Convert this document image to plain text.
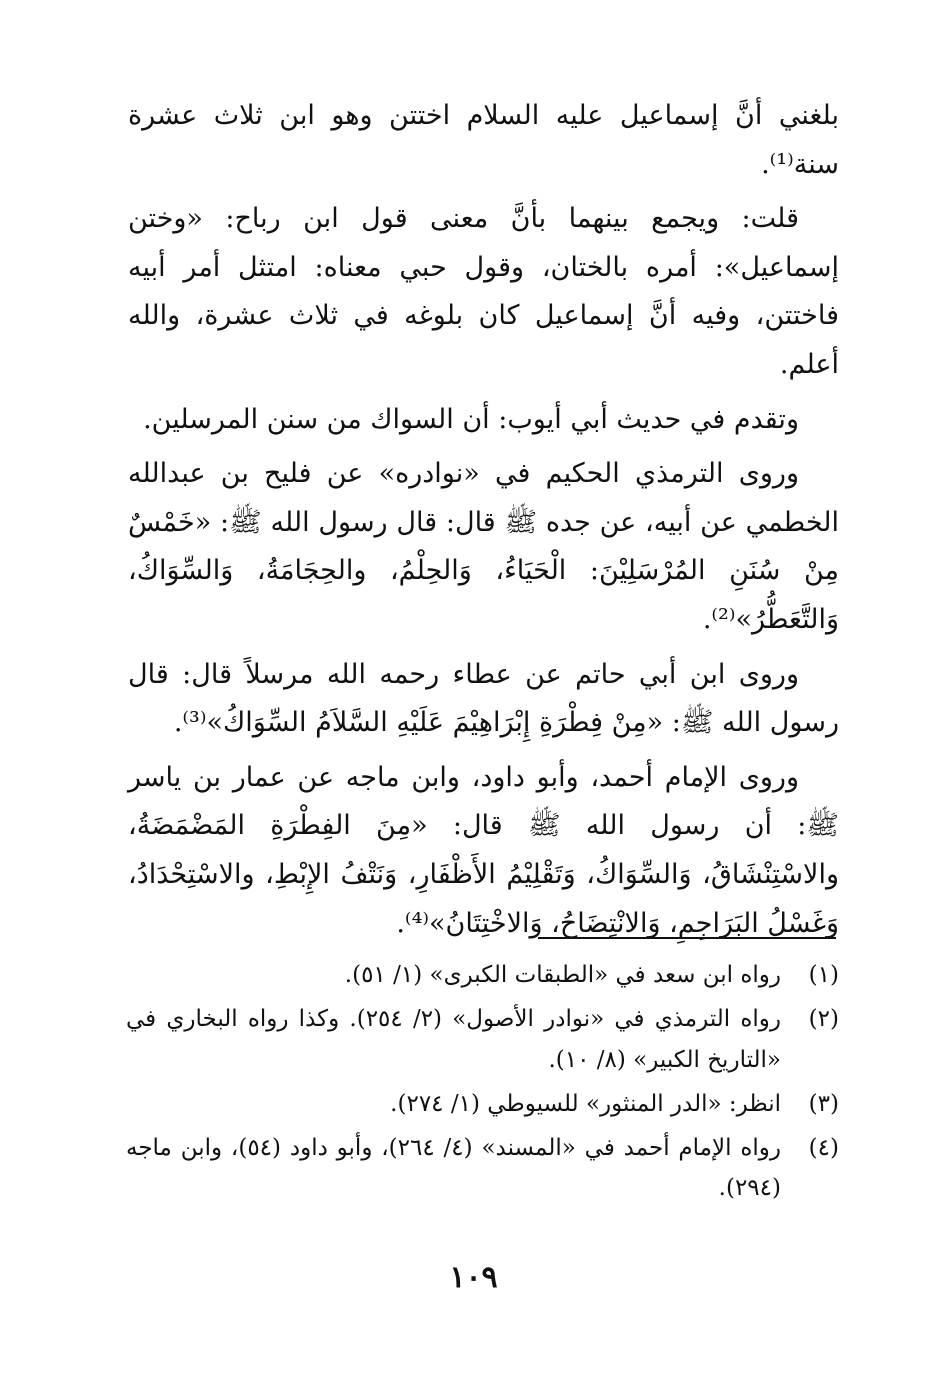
بلغني أنَّ إسماعيل عليه السلام اختتن وهو ابن ثلاث عشرة سنة⁽¹⁾.

قلت: ويجمع بينهما بأنَّ معنى قول ابن رباح: «وختن إسماعيل»: أمره بالختان، وقول حبي معناه: امتثل أمر أبيه فاختتن، وفيه أنَّ إسماعيل كان بلوغه في ثلاث عشرة، والله أعلم.

وتقدم في حديث أبي أيوب: أن السواك من سنن المرسلين.

وروى الترمذي الحكيم في «نوادره» عن فليح بن عبدالله الخطمي عن أبيه، عن جده ﷺ قال: قال رسول الله ﷺ: «خَمْسٌ مِنْ سُنَنِ المُرْسَلِيْنَ: الْحَيَاءُ، وَالحِلْمُ، والحِجَامَةُ، وَالسِّوَاكُ، وَالتَّعَطُّرُ»⁽²⁾.

وروى ابن أبي حاتم عن عطاء رحمه الله مرسلاً قال: قال رسول الله ﷺ: «مِنْ فِطْرَةِ إِبْرَاهِيْمَ عَلَيْهِ السَّلاَمُ السِّوَاكُ»⁽³⁾.

وروى الإمام أحمد، وأبو داود، وابن ماجه عن عمار بن ياسر ﷺ: أن رسول الله ﷺ قال: «مِنَ الفِطْرَةِ المَضْمَضَةُ، والاسْتِنْشَاقُ، وَالسِّوَاكُ، وَتَقْلِيْمُ الأَظْفَارِ، وَنَتْفُ الإِبْطِ، والاسْتِحْدَادُ، وَغَسْلُ البَرَاجِمِ، وَالانْتِضَاحُ، وَالاخْتِتَانُ»⁽⁴⁾.

(١)
رواه ابن سعد في «الطبقات الكبرى» (١/ ٥١).
(٢)
رواه الترمذي في «نوادر الأصول» (٢/ ٢٥٤). وكذا رواه البخاري في «التاريخ الكبير» (٨/ ١٠).
(٣)
انظر: «الدر المنثور» للسيوطي (١/ ٢٧٤).
(٤)
رواه الإمام أحمد في «المسند» (٤/ ٢٦٤)، وأبو داود (٥٤)، وابن ماجه (٢٩٤).
١٠٩
